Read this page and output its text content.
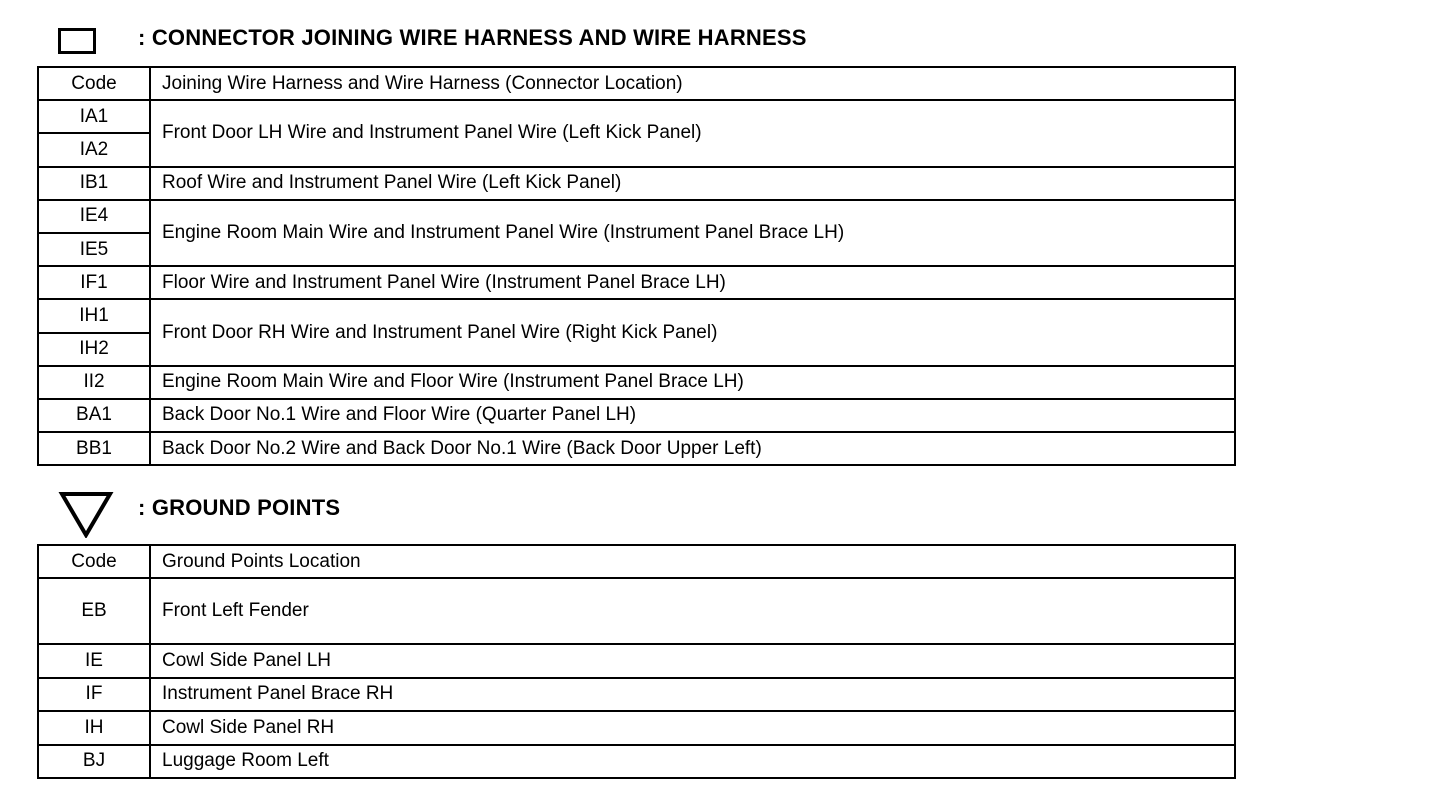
: CONNECTOR JOINING WIRE HARNESS AND WIRE HARNESS
Code	Joining Wire Harness and Wire Harness (Connector Location)
IA1	Front Door LH Wire and Instrument Panel Wire (Left Kick Panel)
IA2	
IB1	Roof Wire and Instrument Panel Wire (Left Kick Panel)
IE4	Engine Room Main Wire and Instrument Panel Wire (Instrument Panel Brace LH)
IE5	
IF1	Floor Wire and Instrument Panel Wire (Instrument Panel Brace LH)
IH1	Front Door RH Wire and Instrument Panel Wire (Right Kick Panel)
IH2	
II2	Engine Room Main Wire and Floor Wire (Instrument Panel Brace LH)
BA1	Back Door No.1 Wire and Floor Wire (Quarter Panel LH)
BB1	Back Door No.2 Wire and Back Door No.1 Wire (Back Door Upper Left)
: GROUND POINTS
Code	Ground Points Location
EB	Front Left Fender
IE	Cowl Side Panel LH
IF	Instrument Panel Brace RH
IH	Cowl Side Panel RH
BJ	Luggage Room Left
